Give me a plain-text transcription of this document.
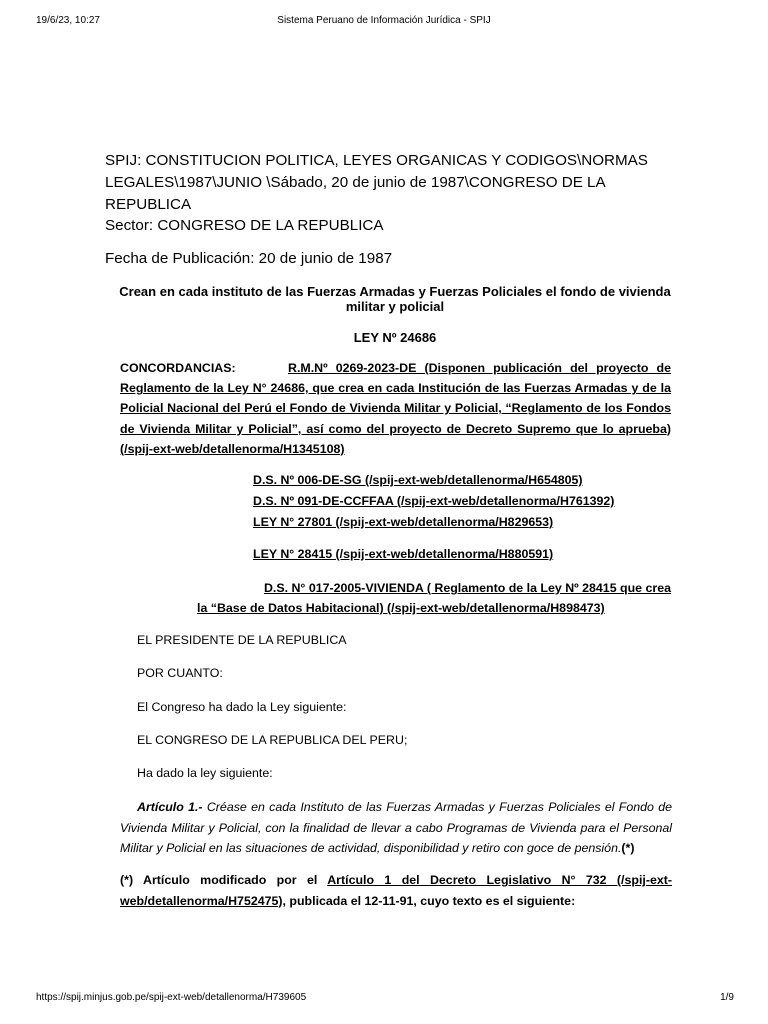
19/6/23, 10:27	Sistema Peruano de Información Jurídica - SPIJ
SPIJ: CONSTITUCION POLITICA, LEYES ORGANICAS Y CODIGOS\NORMAS LEGALES\1987\JUNIO \Sábado, 20 de junio de 1987\CONGRESO DE LA REPUBLICA
Sector: CONGRESO DE LA REPUBLICA
Fecha de Publicación: 20 de junio de 1987
Crean en cada instituto de las Fuerzas Armadas y Fuerzas Policiales el fondo de vivienda militar y policial
LEY Nº 24686
CONCORDANCIAS:	R.M.Nº 0269-2023-DE (Disponen publicación del proyecto de Reglamento de la Ley N° 24686, que crea en cada Institución de las Fuerzas Armadas y de la Policial Nacional del Perú el Fondo de Vivienda Militar y Policial, “Reglamento de los Fondos de Vivienda Militar y Policial”, así como del proyecto de Decreto Supremo que lo aprueba) (/spij-ext-web/detallenorma/H1345108)
D.S. Nº 006-DE-SG (/spij-ext-web/detallenorma/H654805)
D.S. Nº 091-DE-CCFFAA (/spij-ext-web/detallenorma/H761392)
LEY N° 27801 (/spij-ext-web/detallenorma/H829653)
LEY N° 28415 (/spij-ext-web/detallenorma/H880591)
D.S. N° 017-2005-VIVIENDA ( Reglamento de la Ley Nº 28415 que crea
la “Base de Datos Habitacional) (/spij-ext-web/detallenorma/H898473)
EL PRESIDENTE DE LA REPUBLICA
POR CUANTO:
El Congreso ha dado la Ley siguiente:
EL CONGRESO DE LA REPUBLICA DEL PERU;
Ha dado la ley siguiente:
Artículo 1.- Créase en cada Instituto de las Fuerzas Armadas y Fuerzas Policiales el Fondo de Vivienda Militar y Policial, con la finalidad de llevar a cabo Programas de Vivienda para el Personal Militar y Policial en las situaciones de actividad, disponibilidad y retiro con goce de pensión.(*)
(*) Artículo modificado por el Artículo 1 del Decreto Legislativo N° 732 (/spij-ext-web/detallenorma/H752475), publicada el 12-11-91, cuyo texto es el siguiente:
https://spij.minjus.gob.pe/spij-ext-web/detallenorma/H739605	1/9
